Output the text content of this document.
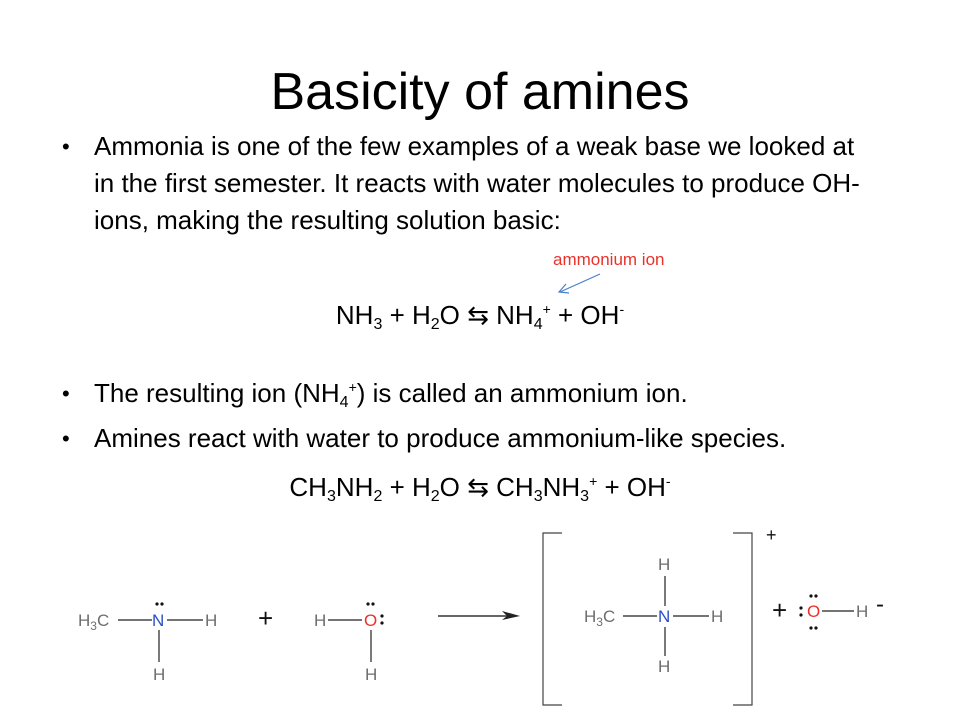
Basicity of amines
• Ammonia is one of the few examples of a weak base we looked at in the first semester. It reacts with water molecules to produce OH- ions, making the resulting solution basic:
ammonium ion
$NH_3 + H_2O$ ⇆ $NH_4^+ + OH^-$
• The resulting ion $(NH_4^+)$ is called an ammonium ion.
• Amines react with water to produce ammonium-like species.
$CH_3NH_2 + H_2O$ ⇆ $CH_3NH_3^+ + OH^-$
$H_3C$	N H
H
+ H O
H
+
H
$H_3C$	N H
H
+ O H -
